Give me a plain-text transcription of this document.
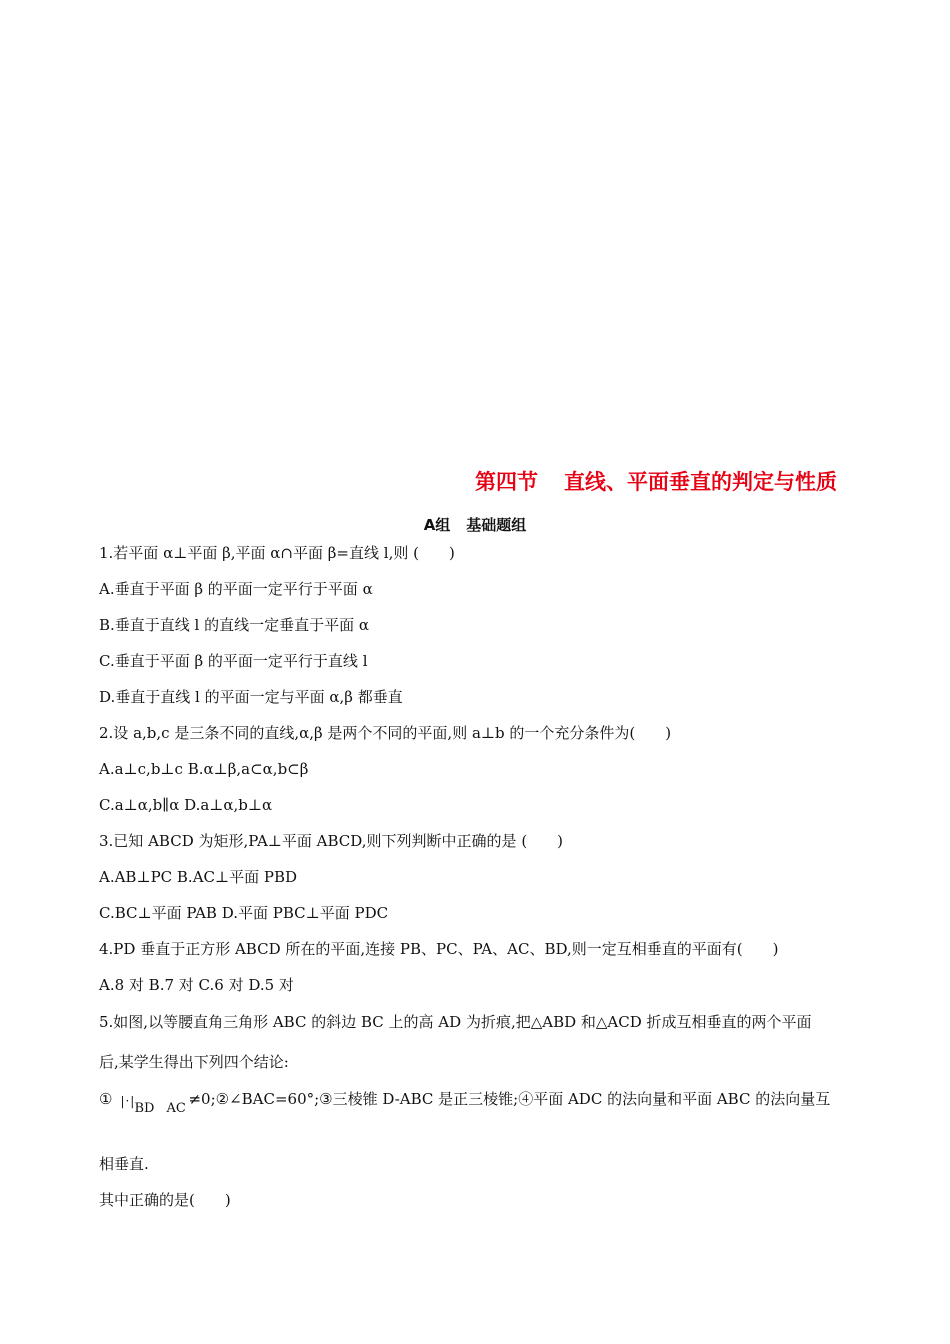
第四节 直线、平面垂直的判定与性质
A组 基础题组
1.若平面 α⊥平面 β,平面 α∩平面 β=直线 l,则 (　　)
A.垂直于平面 β 的平面一定平行于平面 α
B.垂直于直线 l 的直线一定垂直于平面 α
C.垂直于平面 β 的平面一定平行于直线 l
D.垂直于直线 l 的平面一定与平面 α,β 都垂直
2.设 a,b,c 是三条不同的直线,α,β 是两个不同的平面,则 a⊥b 的一个充分条件为(　　)
A.a⊥c,b⊥c B.α⊥β,a⊂α,b⊂β
C.a⊥α,b∥α D.a⊥α,b⊥α
3.已知 ABCD 为矩形,PA⊥平面 ABCD,则下列判断中正确的是 (　　)
A.AB⊥PC B.AC⊥平面 PBD
C.BC⊥平面 PAB D.平面 PBC⊥平面 PDC
4.PD 垂直于正方形 ABCD 所在的平面,连接 PB、PC、PA、AC、BD,则一定互相垂直的平面有(　　)
A.8 对 B.7 对 C.6 对 D.5 对
5.如图,以等腰直角三角形 ABC 的斜边 BC 上的高 AD 为折痕,把△ABD 和△ACD 折成互相垂直的两个平面
后,某学生得出下列四个结论:
① |·| BD AC
≠0;②∠BAC=60°;③三棱锥 D-ABC 是正三棱锥;④平面 ADC 的法向量和平面 ABC 的法向量互
相垂直.
其中正确的是(　　)
